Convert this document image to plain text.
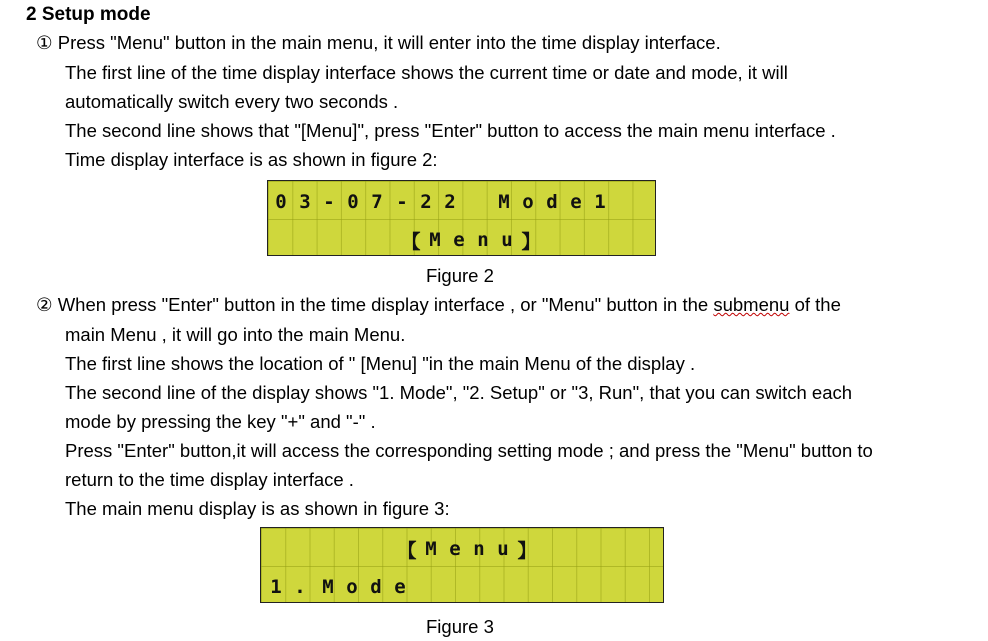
2 Setup mode
① Press "Menu" button in the main menu, it will enter into the time display interface.
The first line of the time display interface shows the current time or date and mode, it will
automatically switch every two seconds .
The second line shows that "[Menu]", press "Enter" button to access the main menu interface .
Time display interface is as shown in figure 2:
0 3 - 0 7 - 2 2	M o d e 1
【 M e n u 】
Figure 2
② When press "Enter" button in the time display interface , or "Menu" button in the submenu of the
main Menu , it will go into the main Menu.
The first line shows the location of " [Menu] "in the main Menu of the display .
The second line of the display shows "1. Mode", "2. Setup" or "3, Run", that you can switch each
mode by pressing the key "+" and "-" .
Press "Enter" button,it will access the corresponding setting mode ; and press the "Menu" button to
return to the time display interface .
The main menu display is as shown in figure 3:
【 M e n u 】
1 . M o d e
Figure 3
